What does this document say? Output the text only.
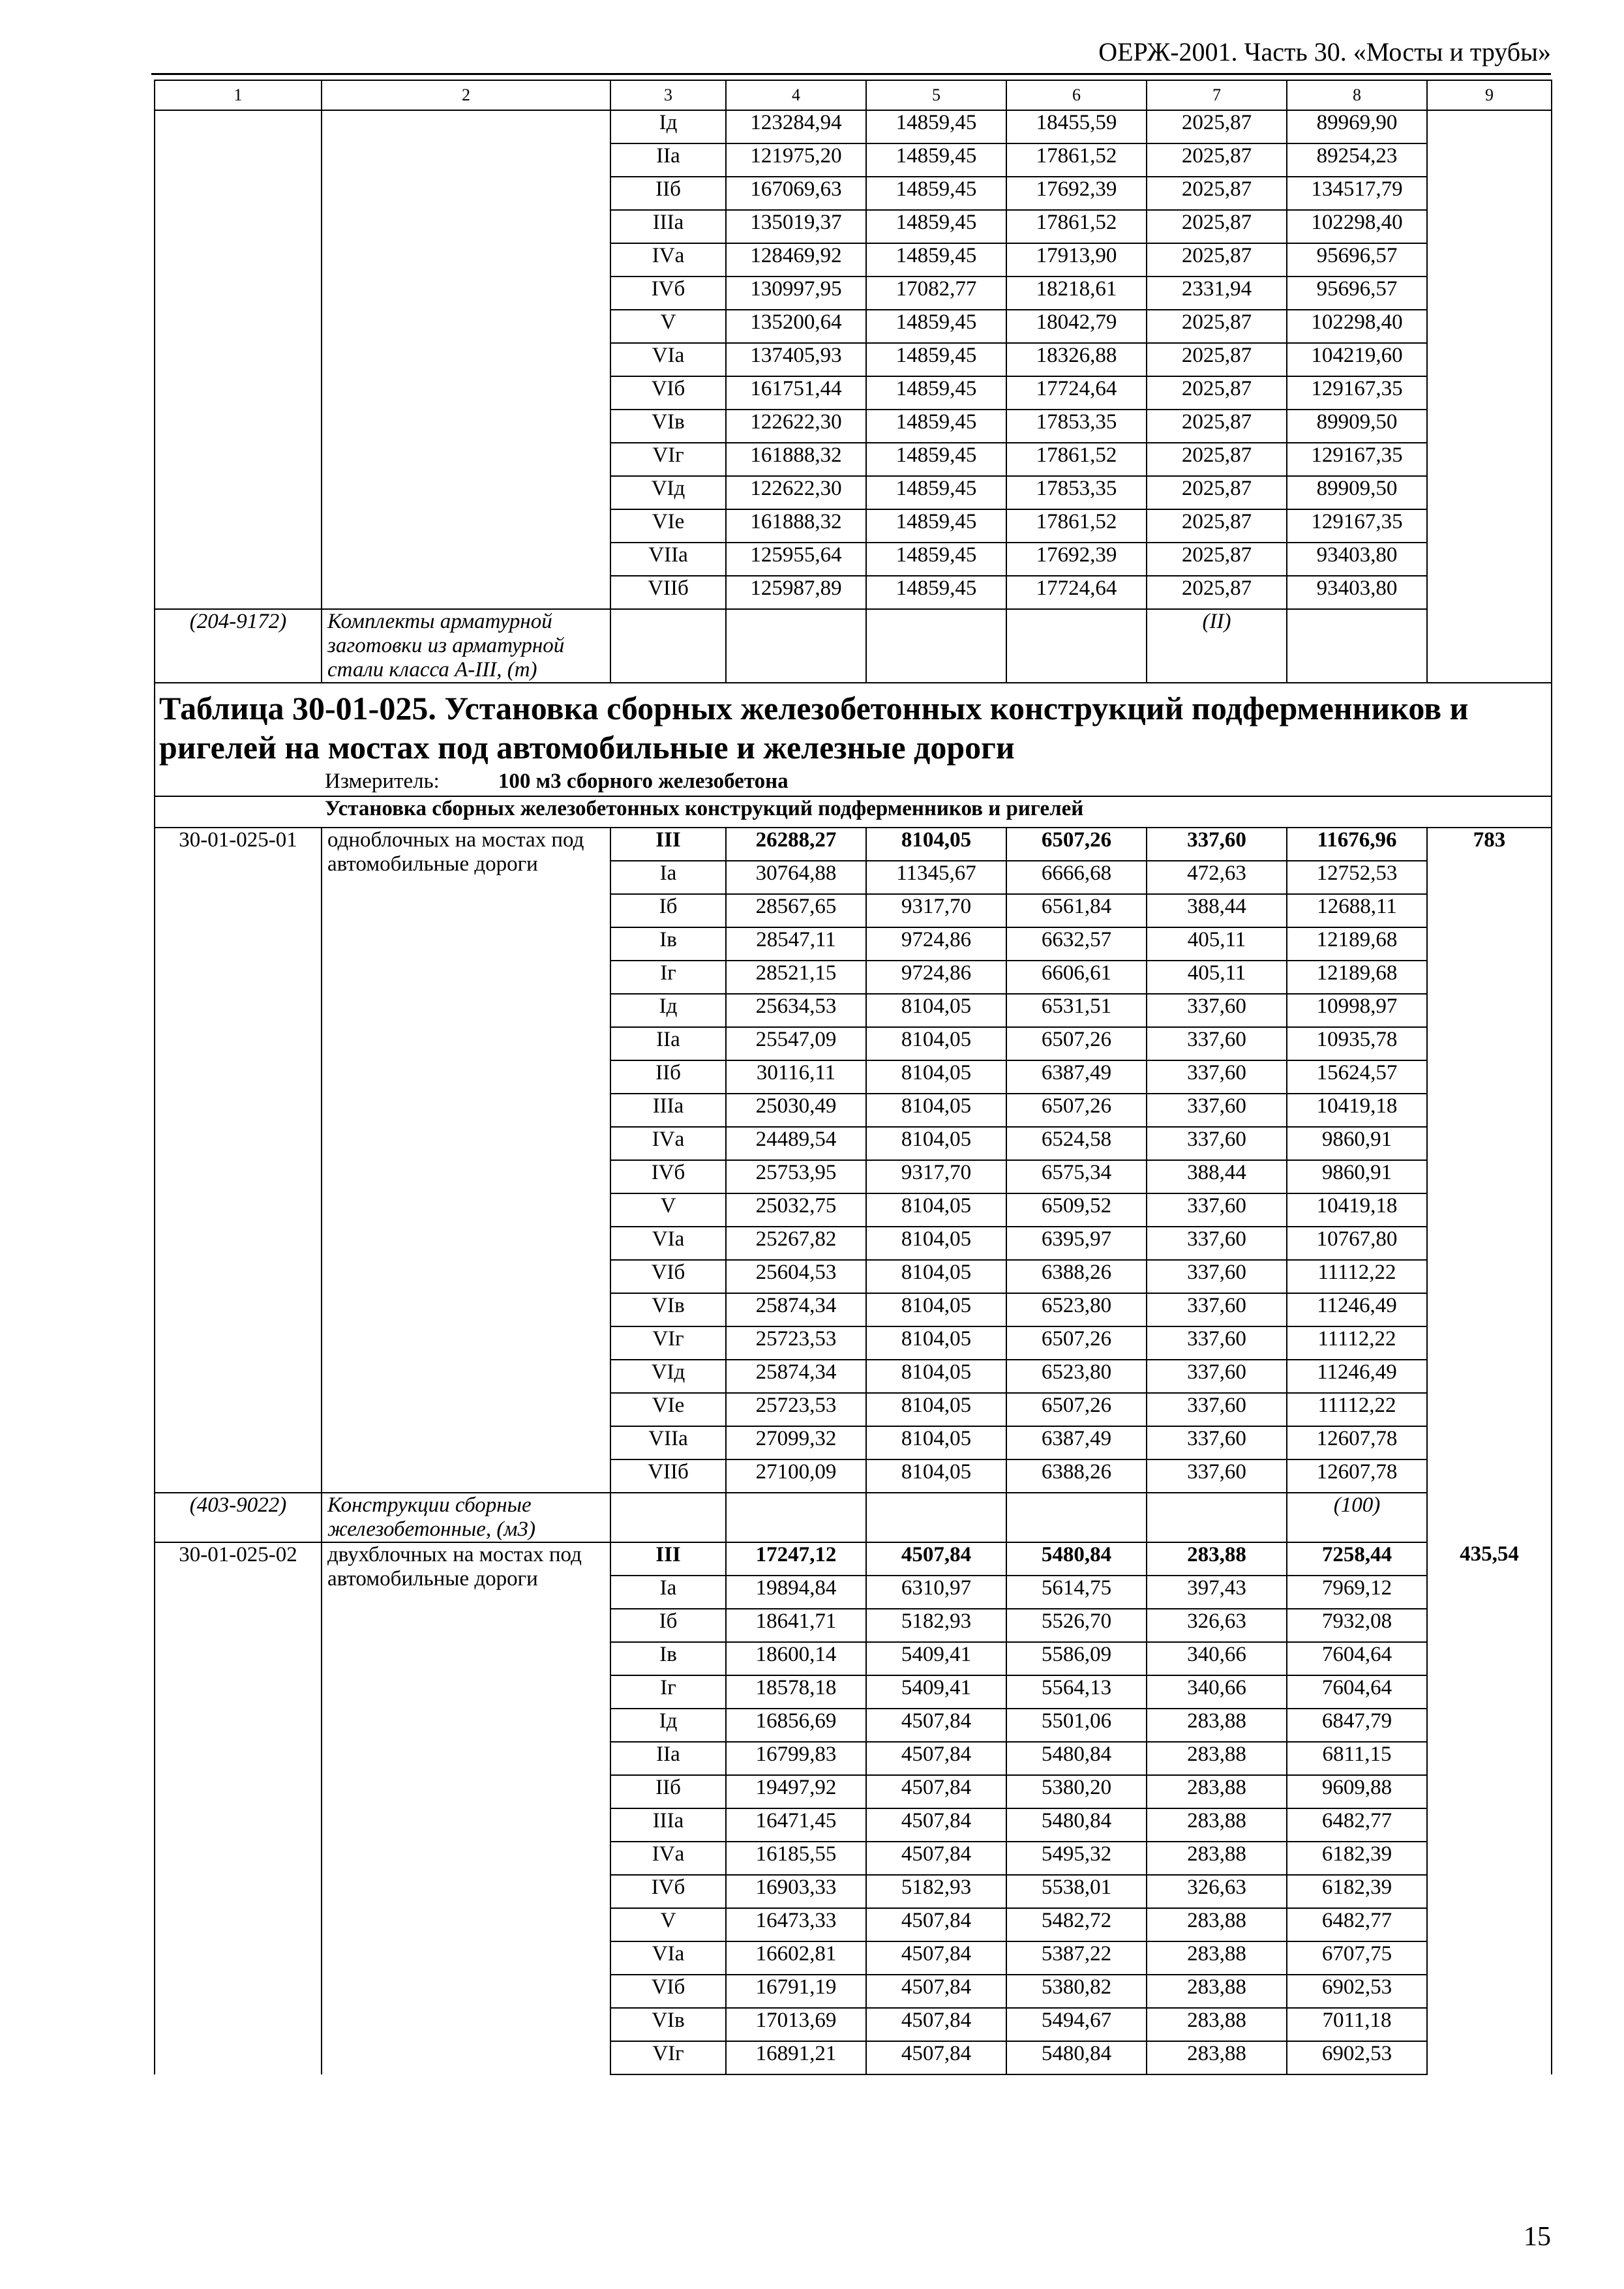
ОЕРЖ-2001. Часть 30. «Мосты и трубы»
1	2	3	4	5	6	7	8	9
		Iд	123284,94	14859,45	18455,59	2025,87	89969,90	
		IIа	121975,20	14859,45	17861,52	2025,87	89254,23	
		IIб	167069,63	14859,45	17692,39	2025,87	134517,79	
		IIIа	135019,37	14859,45	17861,52	2025,87	102298,40	
		IVа	128469,92	14859,45	17913,90	2025,87	95696,57	
		IVб	130997,95	17082,77	18218,61	2331,94	95696,57	
		V	135200,64	14859,45	18042,79	2025,87	102298,40	
		VIа	137405,93	14859,45	18326,88	2025,87	104219,60	
		VIб	161751,44	14859,45	17724,64	2025,87	129167,35	
		VIв	122622,30	14859,45	17853,35	2025,87	89909,50	
		VIг	161888,32	14859,45	17861,52	2025,87	129167,35	
		VIд	122622,30	14859,45	17853,35	2025,87	89909,50	
		VIе	161888,32	14859,45	17861,52	2025,87	129167,35	
		VIIа	125955,64	14859,45	17692,39	2025,87	93403,80	
		VIIб	125987,89	14859,45	17724,64	2025,87	93403,80	
(204-9172)	Комплекты арматурной заготовки из арматурной стали класса А-III, (т)					(II)		
Таблица 30-01-025. Установка сборных железобетонных конструкций подферменников и ригелей на мостах под автомобильные и железные дороги								
Измеритель: 100 м3 сборного железобетона								
Установка сборных железобетонных конструкций подферменников и ригелей								
30-01-025-01	одноблочных на мостах под автомобильные дороги	III	26288,27	8104,05	6507,26	337,60	11676,96	783
		Iа	30764,88	11345,67	6666,68	472,63	12752,53	
		Iб	28567,65	9317,70	6561,84	388,44	12688,11	
		Iв	28547,11	9724,86	6632,57	405,11	12189,68	
		Iг	28521,15	9724,86	6606,61	405,11	12189,68	
		Iд	25634,53	8104,05	6531,51	337,60	10998,97	
		IIа	25547,09	8104,05	6507,26	337,60	10935,78	
		IIб	30116,11	8104,05	6387,49	337,60	15624,57	
		IIIа	25030,49	8104,05	6507,26	337,60	10419,18	
		IVа	24489,54	8104,05	6524,58	337,60	9860,91	
		IVб	25753,95	9317,70	6575,34	388,44	9860,91	
		V	25032,75	8104,05	6509,52	337,60	10419,18	
		VIа	25267,82	8104,05	6395,97	337,60	10767,80	
		VIб	25604,53	8104,05	6388,26	337,60	11112,22	
		VIв	25874,34	8104,05	6523,80	337,60	11246,49	
		VIг	25723,53	8104,05	6507,26	337,60	11112,22	
		VIд	25874,34	8104,05	6523,80	337,60	11246,49	
		VIе	25723,53	8104,05	6507,26	337,60	11112,22	
		VIIа	27099,32	8104,05	6387,49	337,60	12607,78	
		VIIб	27100,09	8104,05	6388,26	337,60	12607,78	
(403-9022)	Конструкции сборные железобетонные, (м3)						(100)	
30-01-025-02	двухблочных на мостах под автомобильные дороги	III	17247,12	4507,84	5480,84	283,88	7258,44	435,54
		Iа	19894,84	6310,97	5614,75	397,43	7969,12	
		Iб	18641,71	5182,93	5526,70	326,63	7932,08	
		Iв	18600,14	5409,41	5586,09	340,66	7604,64	
		Iг	18578,18	5409,41	5564,13	340,66	7604,64	
		Iд	16856,69	4507,84	5501,06	283,88	6847,79	
		IIа	16799,83	4507,84	5480,84	283,88	6811,15	
		IIб	19497,92	4507,84	5380,20	283,88	9609,88	
		IIIа	16471,45	4507,84	5480,84	283,88	6482,77	
		IVа	16185,55	4507,84	5495,32	283,88	6182,39	
		IVб	16903,33	5182,93	5538,01	326,63	6182,39	
		V	16473,33	4507,84	5482,72	283,88	6482,77	
		VIа	16602,81	4507,84	5387,22	283,88	6707,75	
		VIб	16791,19	4507,84	5380,82	283,88	6902,53	
		VIв	17013,69	4507,84	5494,67	283,88	7011,18	
		VIг	16891,21	4507,84	5480,84	283,88	6902,53	
15
